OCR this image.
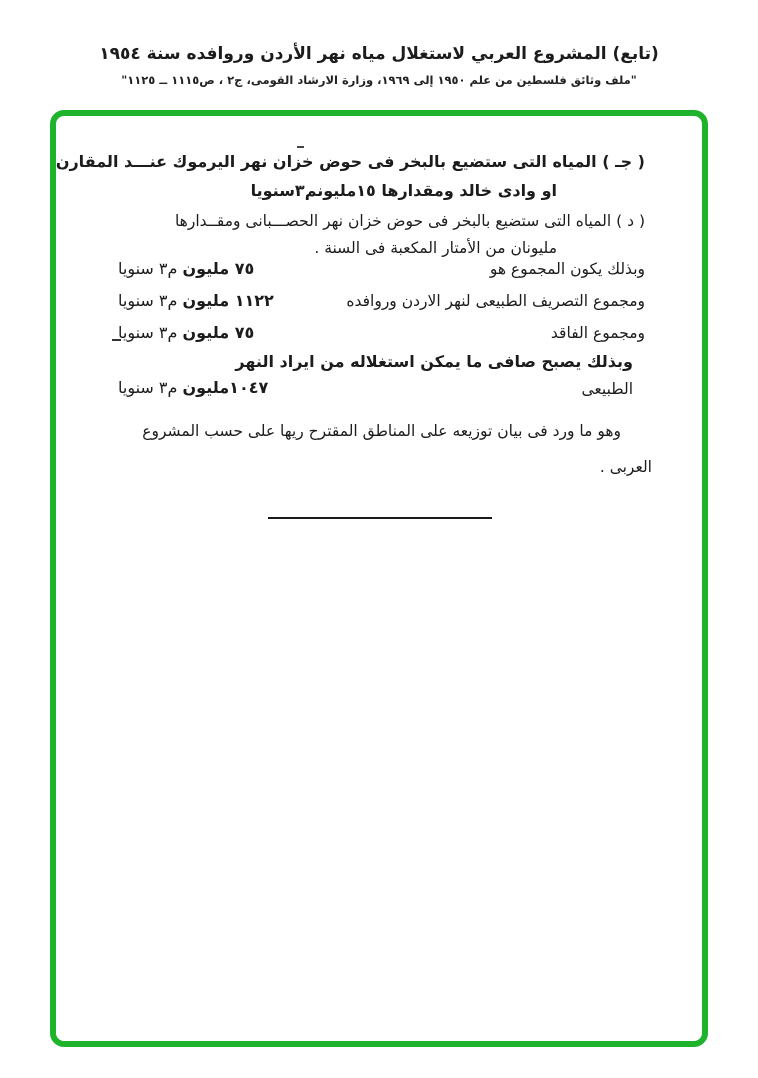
(تابع) المشروع العربي لاستغلال مياه نهر الأردن وروافده سنة ١٩٥٤
"ملف وثائق فلسطين من علم ١٩٥٠ إلى ١٩٦٩، وزارة الارشاد القومى، ج٢ ، ص١١١٥ ــ ١١٢٥"
( جـ ) المياه التى ستضيع بالبخر فى حوض خزان نهر اليرموك عنـــد المقارن
او وادى خالد ومقدارها ١٥مليونم٣سنويا
( د ) المياه التى ستضيع بالبخر فى حوض خزان نهر الحصـــبانى ومقــدارها
مليونان من الأمتار المكعبة فى السنة .
وبذلك يكون المجموع هو
٧٥ مليون م٣ سنويا
ومجموع التصريف الطبيعى لنهر الاردن وروافده
١١٢٢ مليون م٣ سنويا
ومجموع الفاقد
٧٥ مليون م٣ سنويا
وبذلك يصبح صافى ما يمكن استغلاله من ايراد النهر
الطبيعى
١٠٤٧مليون م٣ سنويا
وهو ما ورد فى بيان توزيعه على المناطق المقترح ريها على حسب المشروع
العربى .
